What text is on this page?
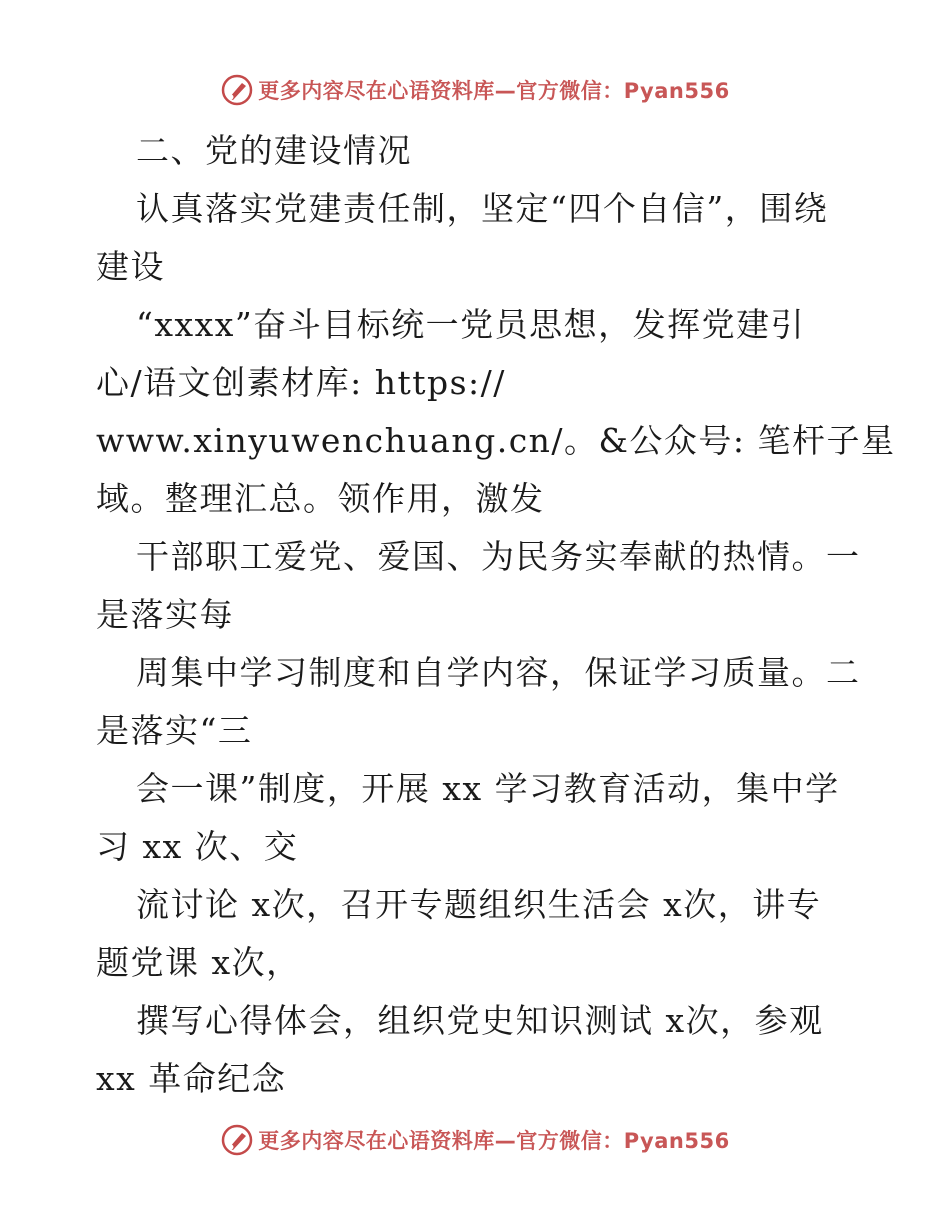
更多内容尽在心语资料库—官方微信：Pyan556
二、党的建设情况
认真落实党建责任制，坚定“四个自信”，围绕
建设
“xxxx”奋斗目标统一党员思想，发挥党建引
心/语文创素材库: https://
www.xinyuwenchuang.cn/。&公众号: 笔杆子星
域。整理汇总。领作用，激发
干部职工爱党、爱国、为民务实奉献的热情。一
是落实每
周集中学习制度和自学内容，保证学习质量。二
是落实“三
会一课”制度，开展 xx 学习教育活动，集中学
习 xx 次、交
流讨论 x次，召开专题组织生活会 x次，讲专
题党课 x次，
撰写心得体会，组织党史知识测试 x次，参观
xx 革命纪念
更多内容尽在心语资料库—官方微信：Pyan556
